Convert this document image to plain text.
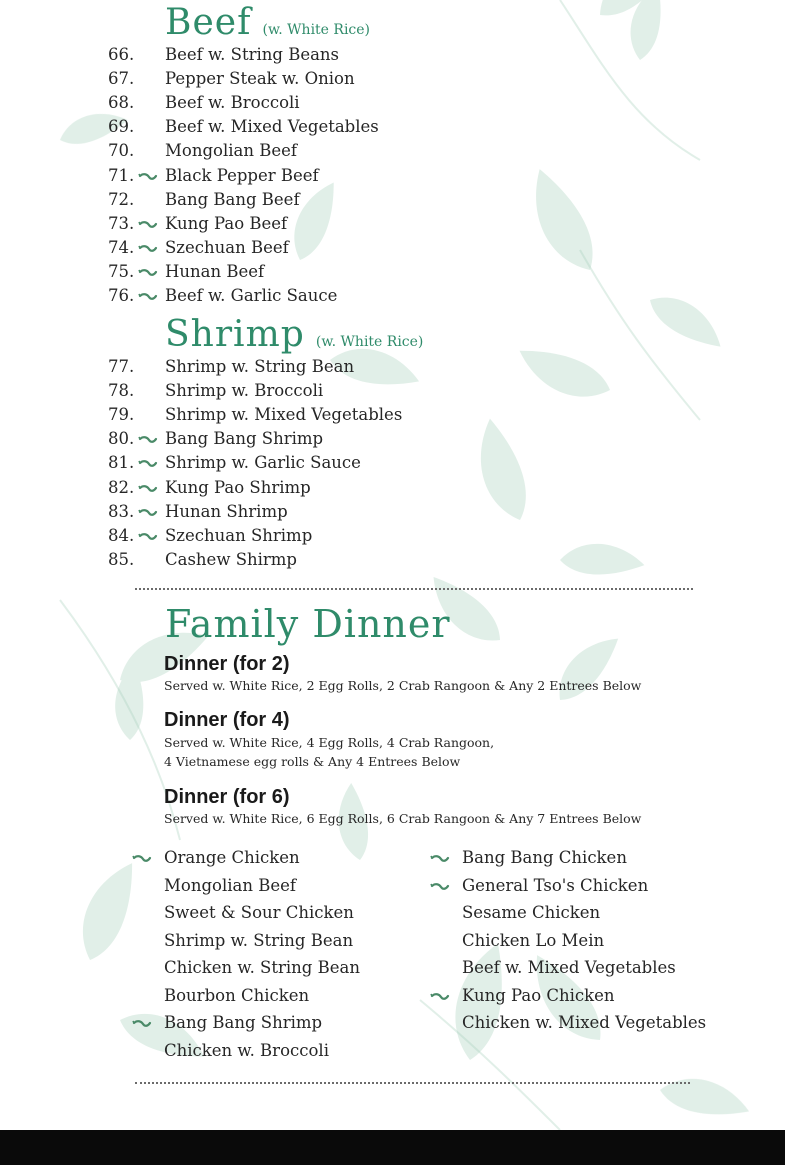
Beef (w. White Rice)
66.	Beef w. String Beans
67.	Pepper Steak w. Onion
68.	Beef w. Broccoli
69.	Beef w. Mixed Vegetables
70.	Mongolian Beef
71.	Black Pepper Beef
72.	Bang Bang Beef
73.	Kung Pao Beef
74.	Szechuan Beef
75.	Hunan Beef
76.	Beef w. Garlic Sauce
Shrimp (w. White Rice)
77.	Shrimp w. String Bean
78.	Shrimp w. Broccoli
79.	Shrimp w. Mixed Vegetables
80.	Bang Bang Shrimp
81.	Shrimp w. Garlic Sauce
82.	Kung Pao Shrimp
83.	Hunan Shrimp
84.	Szechuan Shrimp
85.	Cashew Shirmp
Family Dinner
Dinner (for 2)
Served w. White Rice, 2 Egg Rolls, 2 Crab Rangoon & Any 2 Entrees Below
Dinner (for 4)
Served w. White Rice, 4 Egg Rolls, 4 Crab Rangoon,
4 Vietnamese egg rolls & Any 4 Entrees Below
Dinner (for 6)
Served w. White Rice, 6 Egg Rolls, 6 Crab Rangoon & Any 7 Entrees Below
Orange Chicken
Mongolian Beef
Sweet & Sour Chicken
Shrimp w. String Bean
Chicken w. String Bean
Bourbon Chicken
Bang Bang Shrimp
Chicken w. Broccoli
Bang Bang Chicken
General Tso's Chicken
Sesame Chicken
Chicken Lo Mein
Beef w. Mixed Vegetables
Kung Pao Chicken
Chicken w. Mixed Vegetables
